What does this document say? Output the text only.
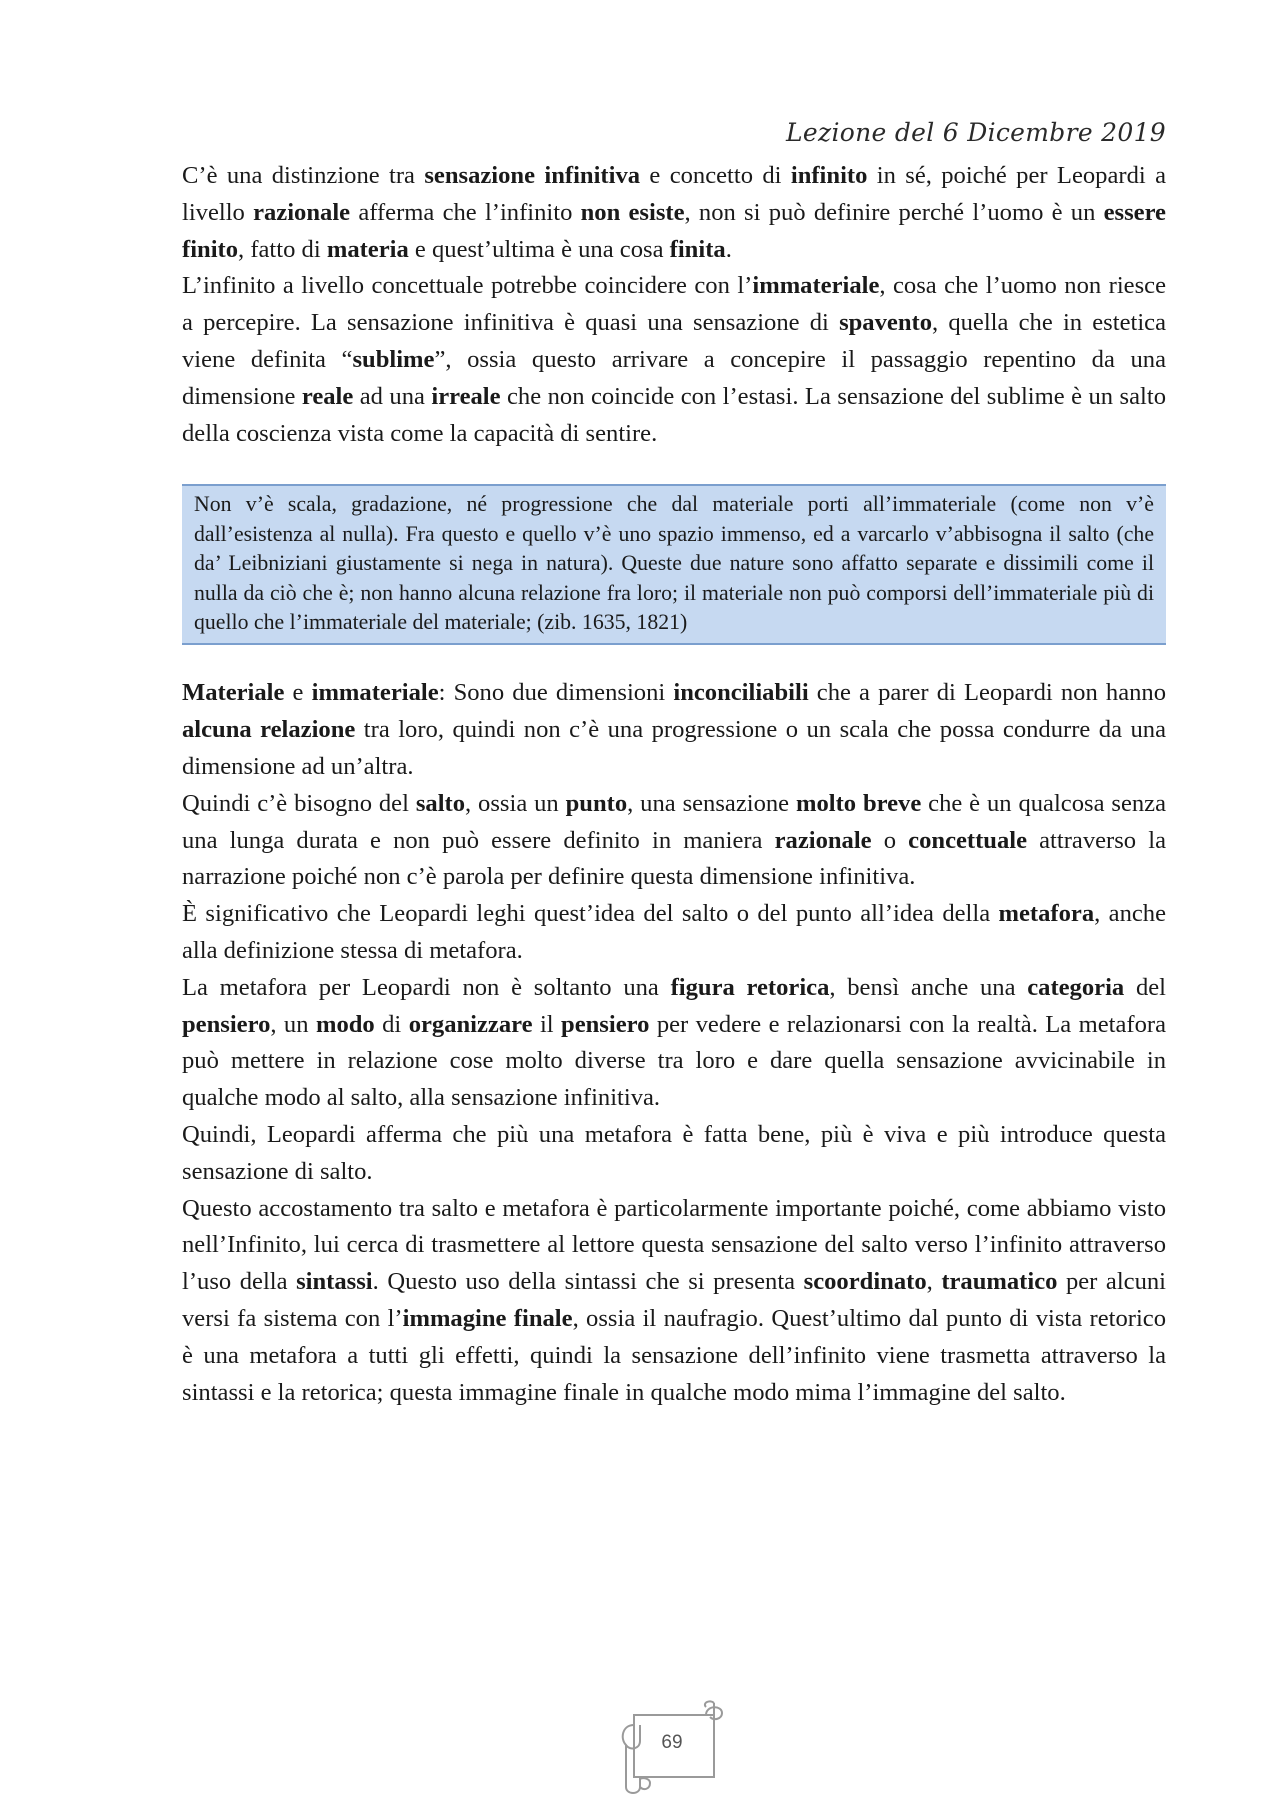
Lezione del 6 Dicembre 2019

C’è una distinzione tra sensazione infinitiva e concetto di infinito in sé, poiché per Leopardi a livello razionale afferma che l’infinito non esiste, non si può definire perché l’uomo è un essere finito, fatto di materia e quest’ultima è una cosa finita.

L’infinito a livello concettuale potrebbe coincidere con l’immateriale, cosa che l’uomo non riesce a percepire. La sensazione infinitiva è quasi una sensazione di spavento, quella che in estetica viene definita “sublime”, ossia questo arrivare a concepire il passaggio repentino da una dimensione reale ad una irreale che non coincide con l’estasi. La sensazione del sublime è un salto della coscienza vista come la capacità di sentire.

Non v’è scala, gradazione, né progressione che dal materiale porti all’immateriale (come non v’è dall’esistenza al nulla). Fra questo e quello v’è uno spazio immenso, ed a varcarlo v’abbisogna il salto (che da’ Leibniziani giustamente si nega in natura). Queste due nature sono affatto separate e dissimili come il nulla da ciò che è; non hanno alcuna relazione fra loro; il materiale non può comporsi dell’immateriale più di quello che l’immateriale del materiale; (zib. 1635, 1821)

Materiale e immateriale: Sono due dimensioni inconciliabili che a parer di Leopardi non hanno alcuna relazione tra loro, quindi non c’è una progressione o un scala che possa condurre da una dimensione ad un’altra.

Quindi c’è bisogno del salto, ossia un punto, una sensazione molto breve che è un qualcosa senza una lunga durata e non può essere definito in maniera razionale o concettuale attraverso la narrazione poiché non c’è parola per definire questa dimensione infinitiva.

È significativo che Leopardi leghi quest’idea del salto o del punto all’idea della metafora, anche alla definizione stessa di metafora.

La metafora per Leopardi non è soltanto una figura retorica, bensì anche una categoria del pensiero, un modo di organizzare il pensiero per vedere e relazionarsi con la realtà. La metafora può mettere in relazione cose molto diverse tra loro e dare quella sensazione avvicinabile in qualche modo al salto, alla sensazione infinitiva.

Quindi, Leopardi afferma che più una metafora è fatta bene, più è viva e più introduce questa sensazione di salto.

Questo accostamento tra salto e metafora è particolarmente importante poiché, come abbiamo visto nell’Infinito, lui cerca di trasmettere al lettore questa sensazione del salto verso l’infinito attraverso l’uso della sintassi. Questo uso della sintassi che si presenta scoordinato, traumatico per alcuni versi fa sistema con l’immagine finale, ossia il naufragio. Quest’ultimo dal punto di vista retorico è una metafora a tutti gli effetti, quindi la sensazione dell’infinito viene trasmetta attraverso la sintassi e la retorica; questa immagine finale in qualche modo mima l’immagine del salto.

69
